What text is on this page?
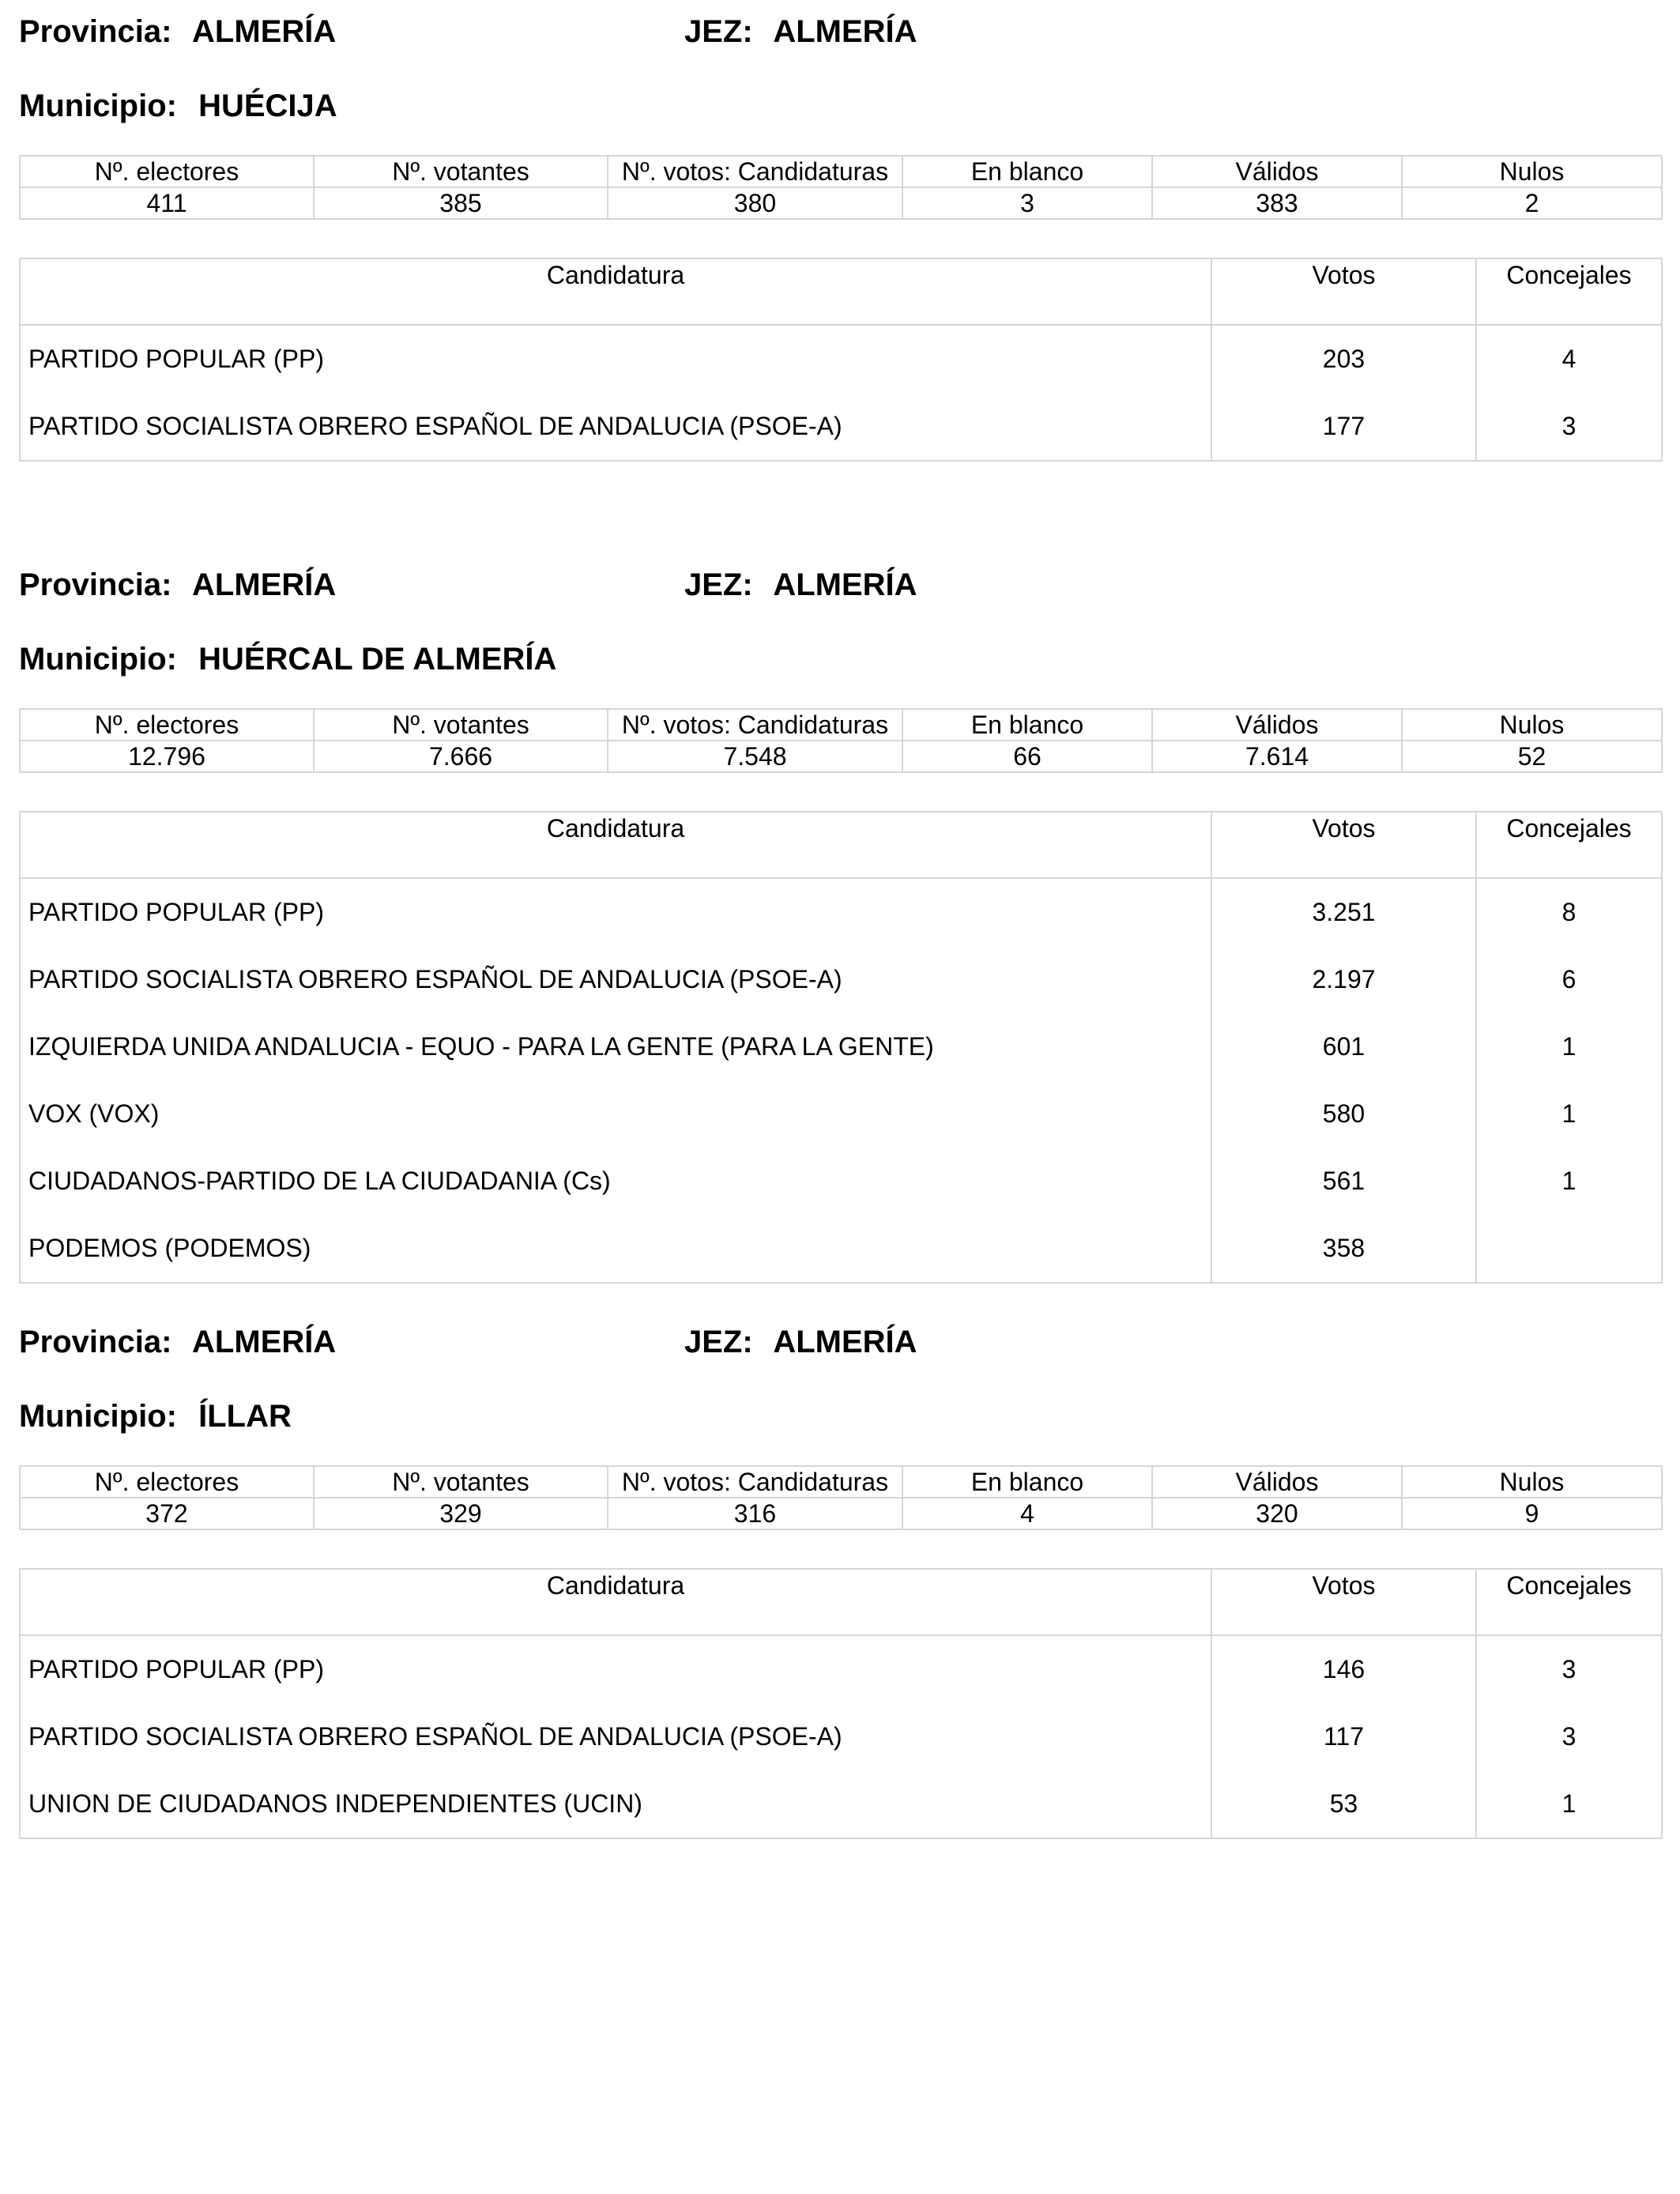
Provincia: ALMERÍA	JEZ: ALMERÍA
Municipio: HUÉCIJA
Nº. electores	Nº. votantes	Nº. votos: Candidaturas	En blanco	Válidos	Nulos
411	385	380	3	383	2
Candidatura	Votos	Concejales
PARTIDO POPULAR (PP)	203	4
PARTIDO SOCIALISTA OBRERO ESPAÑOL DE ANDALUCIA (PSOE-A)	177	3
Provincia: ALMERÍA	JEZ: ALMERÍA
Municipio: HUÉRCAL DE ALMERÍA
Nº. electores	Nº. votantes	Nº. votos: Candidaturas	En blanco	Válidos	Nulos
12.796	7.666	7.548	66	7.614	52
Candidatura	Votos	Concejales
PARTIDO POPULAR (PP)	3.251	8
PARTIDO SOCIALISTA OBRERO ESPAÑOL DE ANDALUCIA (PSOE-A)	2.197	6
IZQUIERDA UNIDA ANDALUCIA - EQUO - PARA LA GENTE (PARA LA GENTE)	601	1
VOX (VOX)	580	1
CIUDADANOS-PARTIDO DE LA CIUDADANIA (Cs)	561	1
PODEMOS (PODEMOS)	358	
Provincia: ALMERÍA	JEZ: ALMERÍA
Municipio: ÍLLAR
Nº. electores	Nº. votantes	Nº. votos: Candidaturas	En blanco	Válidos	Nulos
372	329	316	4	320	9
Candidatura	Votos	Concejales
PARTIDO POPULAR (PP)	146	3
PARTIDO SOCIALISTA OBRERO ESPAÑOL DE ANDALUCIA (PSOE-A)	117	3
UNION DE CIUDADANOS INDEPENDIENTES (UCIN)	53	1
